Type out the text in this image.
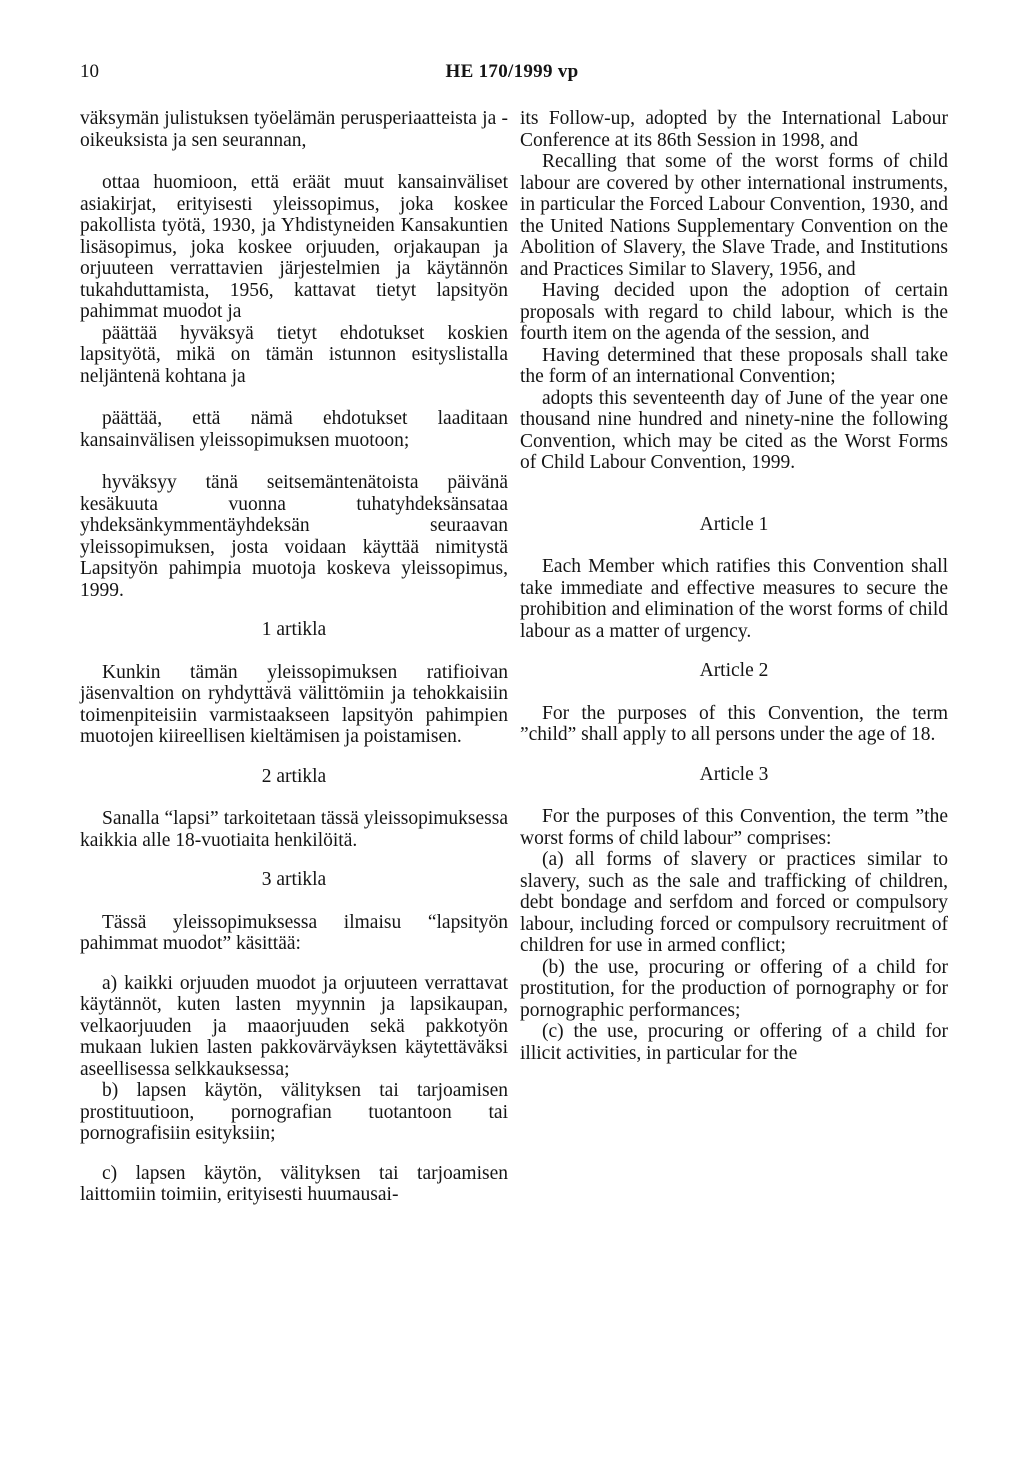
10	HE 170/1999 vp

väksymän julistuksen työelämän perusperiaatteista ja -oikeuksista ja sen seurannan,

ottaa huomioon, että eräät muut kansainväliset asiakirjat, erityisesti yleissopimus, joka koskee pakollista työtä, 1930, ja Yhdistyneiden Kansakuntien lisäsopimus, joka koskee orjuuden, orjakaupan ja orjuuteen verrattavien järjestelmien ja käytännön tukahduttamista, 1956, kattavat tietyt lapsityön pahimmat muodot ja

päättää hyväksyä tietyt ehdotukset koskien lapsityötä, mikä on tämän istunnon esityslistalla neljäntenä kohtana ja

päättää, että nämä ehdotukset laaditaan kansainvälisen yleissopimuksen muotoon;

hyväksyy tänä seitsemäntenätoista päivänä kesäkuuta vuonna tuhatyhdeksänsataa yhdeksänkymmentäyhdeksän seuraavan yleissopimuksen, josta voidaan käyttää nimitystä Lapsityön pahimpia muotoja koskeva yleissopimus, 1999.

1 artikla

Kunkin tämän yleissopimuksen ratifioivan jäsenvaltion on ryhdyttävä välittömiin ja tehokkaisiin toimenpiteisiin varmistaakseen lapsityön pahimpien muotojen kiireellisen kieltämisen ja poistamisen.

2 artikla

Sanalla “lapsi” tarkoitetaan tässä yleissopimuksessa kaikkia alle 18-vuotiaita henkilöitä.

3 artikla

Tässä yleissopimuksessa ilmaisu “lapsityön pahimmat muodot” käsittää:

a) kaikki orjuuden muodot ja orjuuteen verrattavat käytännöt, kuten lasten myynnin ja lapsikaupan, velkaorjuuden ja maaorjuuden sekä pakkotyön mukaan lukien lasten pakkovärväyksen käytettäväksi aseellisessa selkkauksessa;

b) lapsen käytön, välityksen tai tarjoamisen prostituutioon, pornografian tuotantoon tai pornografisiin esityksiin;

c) lapsen käytön, välityksen tai tarjoamisen laittomiin toimiin, erityisesti huumausai-

its Follow-up, adopted by the International Labour Conference at its 86th Session in 1998, and

Recalling that some of the worst forms of child labour are covered by other international instruments, in particular the Forced Labour Convention, 1930, and the United Nations Supplementary Convention on the Abolition of Slavery, the Slave Trade, and Institutions and Practices Similar to Slavery, 1956, and

Having decided upon the adoption of certain proposals with regard to child labour, which is the fourth item on the agenda of the session, and

Having determined that these proposals shall take the form of an international Convention;

adopts this seventeenth day of June of the year one thousand nine hundred and ninety-nine the following Convention, which may be cited as the Worst Forms of Child Labour Convention, 1999.

Article 1

Each Member which ratifies this Convention shall take immediate and effective measures to secure the prohibition and elimination of the worst forms of child labour as a matter of urgency.

Article 2

For the purposes of this Convention, the term ”child” shall apply to all persons under the age of 18.

Article 3

For the purposes of this Convention, the term ”the worst forms of child labour” comprises:

(a) all forms of slavery or practices similar to slavery, such as the sale and trafficking of children, debt bondage and serfdom and forced or compulsory labour, including forced or compulsory recruitment of children for use in armed conflict;

(b) the use, procuring or offering of a child for prostitution, for the production of pornography or for pornographic performances;

(c) the use, procuring or offering of a child for illicit activities, in particular for the
